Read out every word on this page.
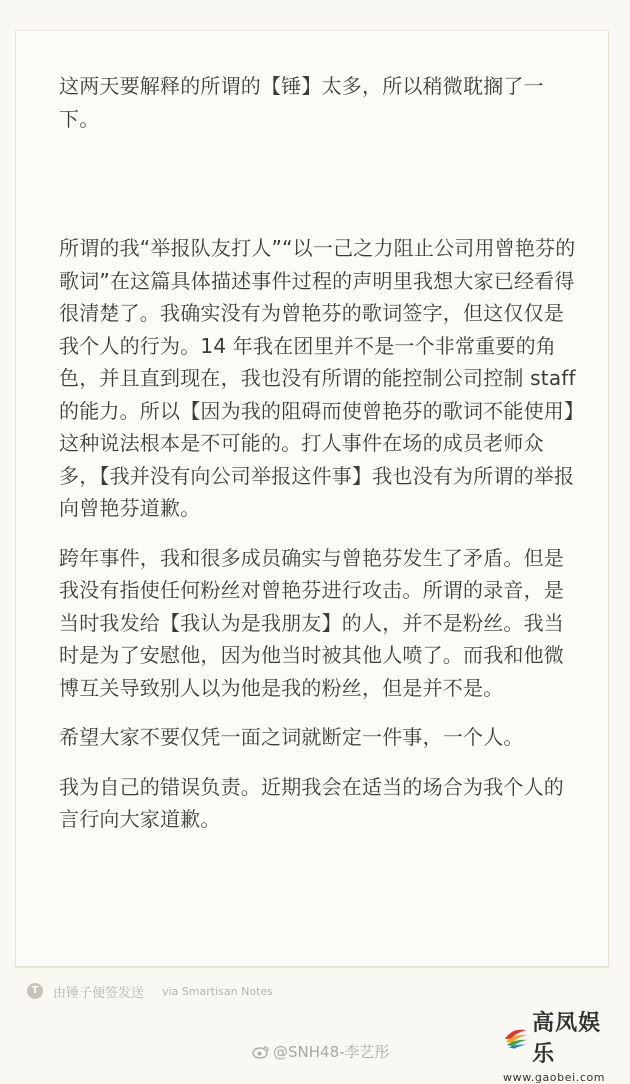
这两天要解释的所谓的【锤】太多，所以稍微耽搁了一下。

所谓的我“举报队友打人”“以一己之力阻止公司用曾艳芬的歌词”在这篇具体描述事件过程的声明里我想大家已经看得很清楚了。我确实没有为曾艳芬的歌词签字，但这仅仅是我个人的行为。14 年我在团里并不是一个非常重要的角色，并且直到现在，我也没有所谓的能控制公司控制 staff 的能力。所以【因为我的阻碍而使曾艳芬的歌词不能使用】这种说法根本是不可能的。打人事件在场的成员老师众多，【我并没有向公司举报这件事】我也没有为所谓的举报向曾艳芬道歉。

跨年事件，我和很多成员确实与曾艳芬发生了矛盾。但是我没有指使任何粉丝对曾艳芬进行攻击。所谓的录音，是当时我发给【我认为是我朋友】的人，并不是粉丝。我当时是为了安慰他，因为他当时被其他人喷了。而我和他微博互关导致别人以为他是我的粉丝，但是并不是。

希望大家不要仅凭一面之词就断定一件事，一个人。

我为自己的错误负责。近期我会在适当的场合为我个人的言行向大家道歉。

T	由锤子便签发送 via Smartisan Notes
@SNH48-李艺彤
高凤娱乐
www.gaobei.com
